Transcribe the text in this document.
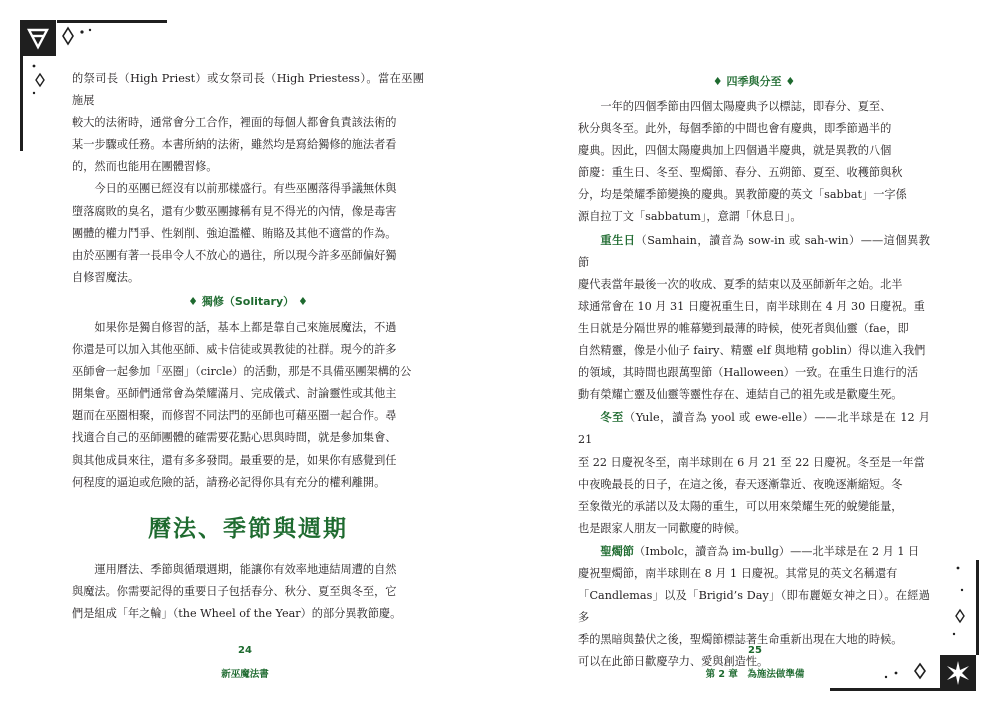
的祭司長（High Priest）或女祭司長（High Priestess）。當在巫團施展
較大的法術時，通常會分工合作，裡面的每個人都會負責該法術的
某一步驟或任務。本書所納的法術，雖然均是寫給獨修的施法者看
的，然而也能用在團體習修。

今日的巫團已經沒有以前那樣盛行。有些巫團落得爭議無休與
墮落腐敗的臭名，還有少數巫團據稱有見不得光的內情，像是毒害
團體的權力鬥爭、性剝削、強迫濫權、賄賂及其他不適當的作為。
由於巫團有著一長串令人不放心的過往，所以現今許多巫師偏好獨
自修習魔法。

♦ 獨修（Solitary） ♦

如果你是獨自修習的話，基本上都是靠自己來施展魔法，不過
你還是可以加入其他巫師、威卡信徒或異教徒的社群。現今的許多
巫師會一起參加「巫圈」（circle）的活動，那是不具備巫團架構的公
開集會。巫師們通常會為榮耀滿月、完成儀式、討論靈性或其他主
題而在巫圈相聚，而修習不同法門的巫師也可藉巫圈一起合作。尋
找適合自己的巫師團體的確需要花點心思與時間，就是參加集會、
與其他成員來往，還有多多發問。最重要的是，如果你有感覺到任
何程度的逼迫或危險的話，請務必記得你具有充分的權利離開。

曆法、季節與週期

運用曆法、季節與循環週期，能讓你有效率地連結周遭的自然
與魔法。你需要記得的重要日子包括春分、秋分、夏至與冬至，它
們是組成「年之輪」（the Wheel of the Year）的部分異教節慶。

24
新巫魔法書
♦ 四季與分至 ♦

一年的四個季節由四個太陽慶典予以標誌，即春分、夏至、
秋分與冬至。此外，每個季節的中間也會有慶典，即季節過半的
慶典。因此，四個太陽慶典加上四個過半慶典，就是異教的八個
節慶：重生日、冬至、聖燭節、春分、五朔節、夏至、收穫節與秋
分，均是榮耀季節變換的慶典。異教節慶的英文「sabbat」一字係
源自拉丁文「sabbatum」，意謂「休息日」。

重生日（Samhain，讀音為 sow-in 或 sah-win）——這個異教節
慶代表當年最後一次的收成、夏季的結束以及巫師新年之始。北半
球通常會在 10 月 31 日慶祝重生日，南半球則在 4 月 30 日慶祝。重
生日就是分隔世界的帷幕變到最薄的時候，使死者與仙靈（fae，即
自然精靈，像是小仙子 fairy、精靈 elf 與地精 goblin）得以進入我們
的領域，其時間也跟萬聖節（Halloween）一致。在重生日進行的活
動有榮耀亡靈及仙靈等靈性存在、連結自己的祖先或是歡慶生死。

冬至（Yule，讀音為 yool 或 ewe-elle）——北半球是在 12 月 21
至 22 日慶祝冬至，南半球則在 6 月 21 至 22 日慶祝。冬至是一年當
中夜晚最長的日子，在這之後，春天逐漸靠近、夜晚逐漸縮短。冬
至象徵光的承諾以及太陽的重生，可以用來榮耀生死的蛻變能量，
也是跟家人朋友一同歡慶的時候。

聖燭節（Imbolc，讀音為 im-bullg）——北半球是在 2 月 1 日
慶祝聖燭節，南半球則在 8 月 1 日慶祝。其常見的英文名稱還有
「Candlemas」以及「Brigid’s Day」（即布麗姬女神之日）。在經過多
季的黑暗與蟄伏之後，聖燭節標誌著生命重新出現在大地的時候。
可以在此節日歡慶孕力、愛與創造性。

25
第 2 章　為施法做準備
